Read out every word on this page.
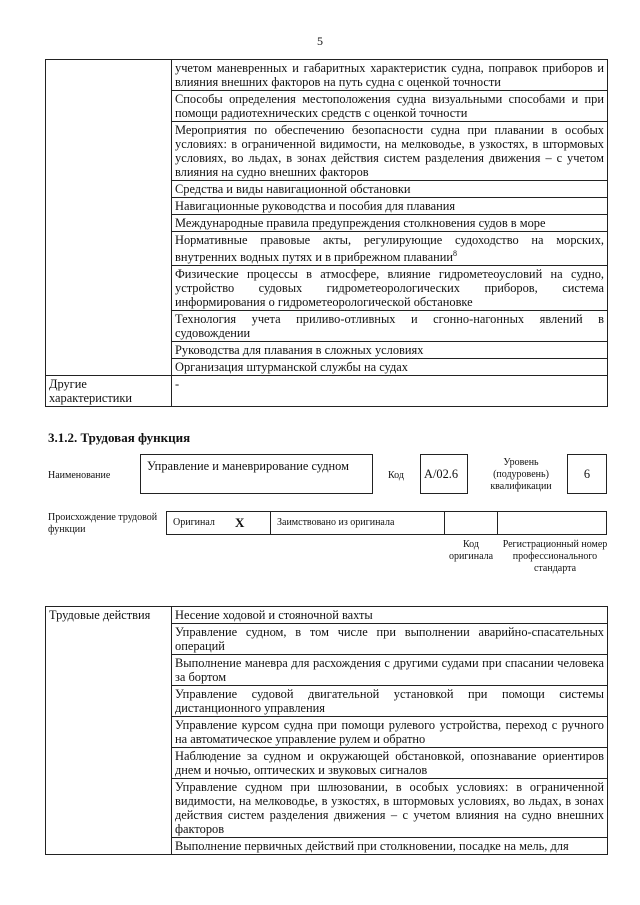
5
	учетом маневренных и габаритных характеристик судна, поправок приборов и влияния внешних факторов на путь судна с оценкой точности
	Способы определения местоположения судна визуальными способами и при помощи радиотехнических средств с оценкой точности
	Мероприятия по обеспечению безопасности судна при плавании в особых условиях: в ограниченной видимости, на мелководье, в узкостях, в штормовых условиях, во льдах, в зонах действия систем разделения движения – с учетом влияния на судно внешних факторов
	Средства и виды навигационной обстановки
	Навигационные руководства и пособия для плавания
	Международные правила предупреждения столкновения судов в море
	Нормативные правовые акты, регулирующие судоходство на морских, внутренних водных путях и в прибрежном плавании$^8$
	Физические процессы в атмосфере, влияние гидрометеоусловий на судно, устройство судовых гидрометеорологических приборов, система информирования о гидрометеорологической обстановке
	Технология учета приливо-отливных и сгонно-нагонных явлений в судовождении
	Руководства для плавания в сложных условиях
	Организация штурманской службы на судах
Другие характеристики	-
3.1.2. Трудовая функция
Наименование
Управление и маневрирование судном
Код	А/02.6
Уровень (подуровень) квалификации
6
Происхождение трудовой функции
Оригинал X	Заимствовано из оригинала
Код оригинала
Регистрационный номер профессионального стандарта
Трудовые действия	Несение ходовой и стояночной вахты
Управление судном, в том числе при выполнении аварийно-спасательных операций
Выполнение маневра для расхождения с другими судами при спасании человека за бортом
Управление судовой двигательной установкой при помощи системы дистанционного управления
Управление курсом судна при помощи рулевого устройства, переход с ручного на автоматическое управление рулем и обратно
Наблюдение за судном и окружающей обстановкой, опознавание ориентиров днем и ночью, оптических и звуковых сигналов
Управление судном при шлюзовании, в особых условиях: в ограниченной видимости, на мелководье, в узкостях, в штормовых условиях, во льдах, в зонах действия систем разделения движения – с учетом влияния на судно внешних факторов
Выполнение первичных действий при столкновении, посадке на мель, для
